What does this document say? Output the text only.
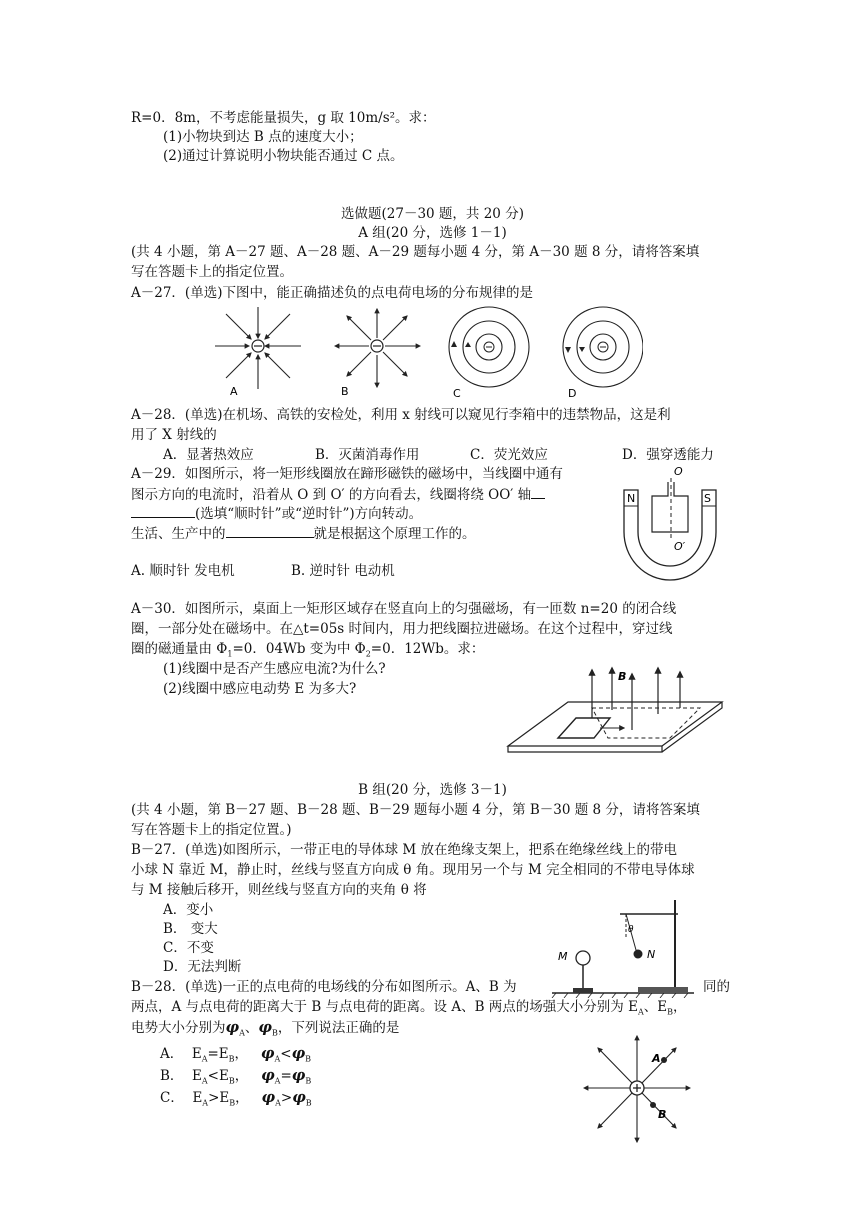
R=0．8m，不考虑能量损失，g 取 10m/s²。求：
(1)小物块到达 B 点的速度大小；
(2)通过计算说明小物块能否通过 C 点。
选做题(27－30 题，共 20 分)
A 组(20 分，选修 1－1)
(共 4 小题，第 A－27 题、A－28 题、A－29 题每小题 4 分，第 A－30 题 8 分，请将答案填
写在答题卡上的指定位置。
A－27．(单选)下图中，能正确描述负的点电荷电场的分布规律的是
A	B	C	D
A－28．(单选)在机场、高铁的安检处，利用 x 射线可以窥见行李箱中的违禁物品，这是利
用了 X 射线的
A．显著热效应	B．灭菌消毒作用	C．荧光效应	D．强穿透能力
A－29．如图所示，将一矩形线圈放在蹄形磁铁的磁场中，当线圈中通有
图示方向的电流时，沿着从 O 到 O′ 的方向看去，线圈将绕 OO′ 轴
(选填“顺时针”或“逆时针”)方向转动。
生活、生产中的	就是根据这个原理工作的。
A. 顺时针 发电机	B. 逆时针 电动机
N	S
O
O′
A－30．如图所示，桌面上一矩形区域存在竖直向上的匀强磁场，有一匝数 n=20 的闭合线
圈，一部分处在磁场中。在△t=05s 时间内，用力把线圈拉进磁场。在这个过程中，穿过线
圈的磁通量由 $\Phi_1=0$．04Wb 变为中 $\Phi_2=0$．12Wb。求：
(1)线圈中是否产生感应电流?为什么?
(2)线圈中感应电动势 E 为多大?
B
B 组(20 分，选修 3－1)
(共 4 小题，第 B－27 题、B－28 题、B－29 题每小题 4 分，第 B－30 题 8 分，请将答案填
写在答题卡上的指定位置。)
B－27．(单选)如图所示，一带正电的导体球 M 放在绝缘支架上，把系在绝缘丝线上的带电
小球 N 靠近 M，静止时，丝线与竖直方向成 θ 角。现用另一个与 M 完全相同的不带电导体球
与 M 接触后移开，则丝线与竖直方向的夹角 θ 将
A．变小
B． 变大
C．不变
D．无法判断
M
θ
N
B－28．(单选)一正的点电荷的电场线的分布如图所示。A、B 为	同的
两点，A 与点电荷的距离大于 B 与点电荷的距离。设 A、B 两点的场强大小分别为 $E_A$、$E_B$，
电势大小分别为$\varphi_A$、$\varphi_B$，下列说法正确的是
A． $E_A=E_B$，   $\varphi_A<\varphi_B$
B． $E_A<E_B$，   $\varphi_A=\varphi_B$
C． $E_A>E_B$，   $\varphi_A>\varphi_B$
A
B
